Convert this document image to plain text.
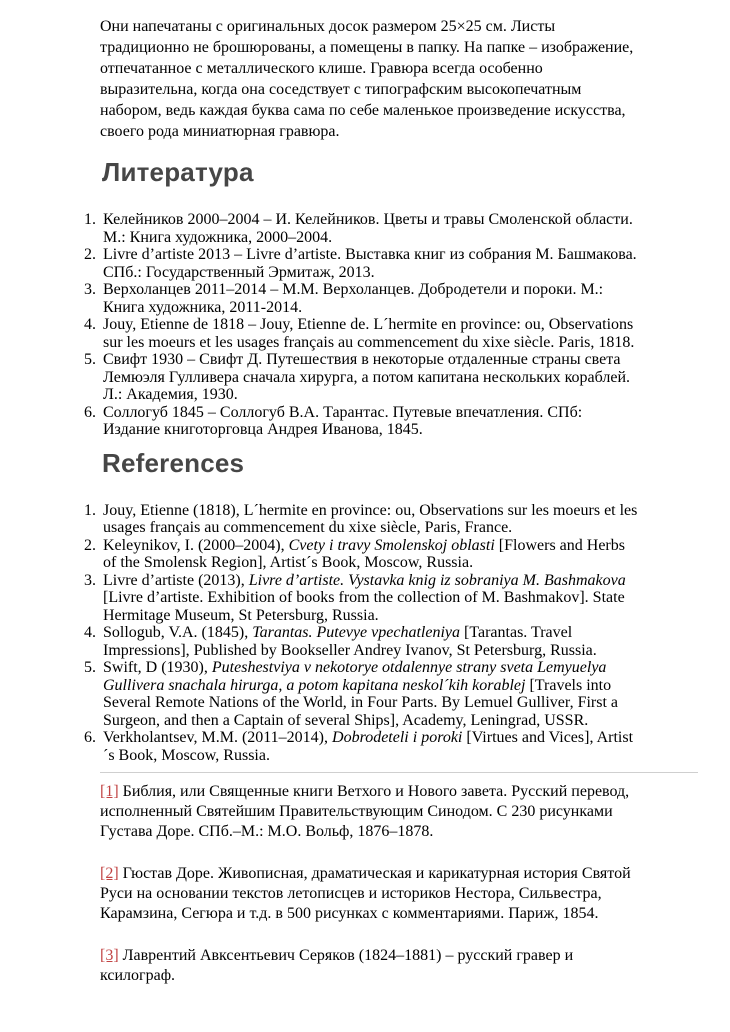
Они напечатаны с оригинальных досок размером 25×25 см. Листы традиционно не брошюрованы, а помещены в папку. На папке – изображение, отпечатанное с металлического клише. Гравюра всегда особенно выразительна, когда она соседствует с типографским высокопечатным набором, ведь каждая буква сама по себе маленькое произведение искусства, своего рода миниатюрная гравюра.

Литература
1. Келейников 2000–2004 – И. Келейников. Цветы и травы Смоленской области. М.: Книга художника, 2000–2004.
2. Livre d’artiste 2013 – Livre d’artiste. Выставка книг из собрания М. Башмакова. СПб.: Государственный Эрмитаж, 2013.
3. Верхоланцев 2011–2014 – М.М. Верхоланцев. Добродетели и пороки. М.: Книга художника, 2011-2014.
4. Jouy, Etienne de 1818 – Jouy, Etienne de. L´hermite en province: ou, Observations sur les moeurs et les usages français au commencement du xixe siècle. Paris, 1818.
5. Свифт 1930 – Свифт Д. Путешествия в некоторые отдаленные страны света Лемюэля Гулливера сначала хирурга, а потом капитана нескольких кораблей. Л.: Академия, 1930.
6. Соллогуб 1845 – Соллогуб В.А. Тарантас. Путевые впечатления. СПб: Издание книготорговца Андрея Иванова, 1845.
References
1. Jouy, Etienne (1818), L´hermite en province: ou, Observations sur les moeurs et les usages français au commencement du xixe siècle, Paris, France.
2. Keleynikov, I. (2000–2004), Cvety i travy Smolenskoj oblasti [Flowers and Herbs of the Smolensk Region], Artist´s Book, Moscow, Russia.
3. Livre d’artiste (2013), Livre d’artiste. Vystavka knig iz sobraniya M. Bashmakova [Livre d’artiste. Exhibition of books from the collection of M. Bashmakov]. State Hermitage Museum, St Petersburg, Russia.
4. Sollogub, V.A. (1845), Tarantas. Putevye vpechatleniya [Tarantas. Travel Impressions], Published by Bookseller Andrey Ivanov, St Petersburg, Russia.
5. Swift, D (1930), Puteshestviya v nekotorye otdalennye strany sveta Lemyuelya Gullivera snachala hirurga, a potom kapitana neskol´kih korablej [Travels into Several Remote Nations of the World, in Four Parts. By Lemuel Gulliver, First a Surgeon, and then a Captain of several Ships], Academy, Leningrad, USSR.
6. Verkholantsev, M.M. (2011–2014), Dobrodeteli i poroki [Virtues and Vices], Artist´s Book, Moscow, Russia.

[1] Библия, или Священные книги Ветхого и Нового завета. Русский перевод, исполненный Святейшим Правительствующим Синодом. С 230 рисунками Густава Доре. СПб.–М.: М.О. Вольф, 1876–1878.

[2] Гюстав Доре. Живописная, драматическая и карикатурная история Святой Руси на основании текстов летописцев и историков Нестора, Сильвестра, Карамзина, Сегюра и т.д. в 500 рисунках с комментариями. Париж, 1854.

[3] Лаврентий Авксентьевич Серяков (1824–1881) – русский гравер и ксилограф.
